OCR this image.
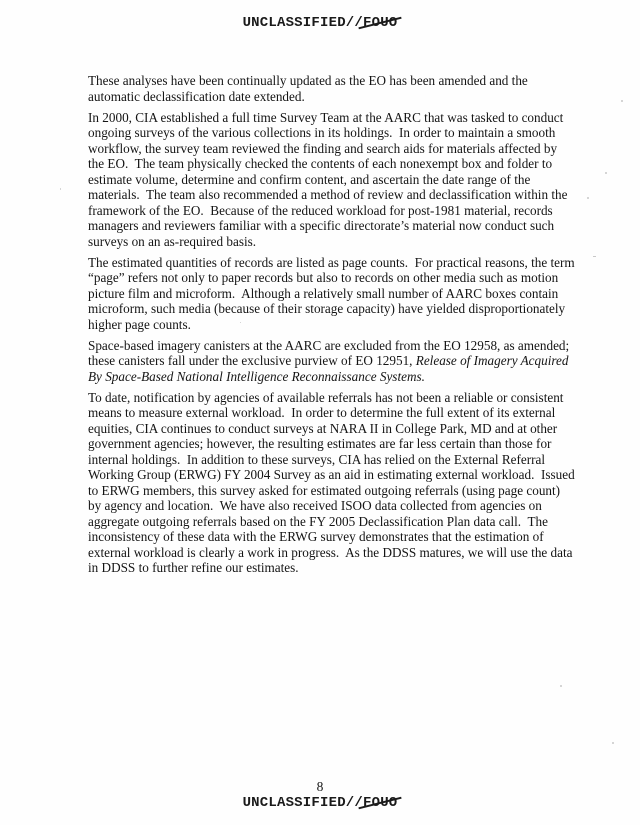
UNCLASSIFIED//FOUO

These analyses have been continually updated as the EO has been amended and the automatic declassification date extended.

In 2000, CIA established a full time Survey Team at the AARC that was tasked to conduct ongoing surveys of the various collections in its holdings.  In order to maintain a smooth workflow, the survey team reviewed the finding and search aids for materials affected by the EO.  The team physically checked the contents of each nonexempt box and folder to estimate volume, determine and confirm content, and ascertain the date range of the materials.  The team also recommended a method of review and declassification within the framework of the EO.  Because of the reduced workload for post-1981 material, records managers and reviewers familiar with a specific directorate’s material now conduct such surveys on an as-required basis.

The estimated quantities of records are listed as page counts.  For practical reasons, the term “page” refers not only to paper records but also to records on other media such as motion picture film and microform.  Although a relatively small number of AARC boxes contain microform, such media (because of their storage capacity) have yielded disproportionately higher page counts.

Space-based imagery canisters at the AARC are excluded from the EO 12958, as amended; these canisters fall under the exclusive purview of EO 12951, Release of Imagery Acquired By Space-Based National Intelligence Reconnaissance Systems.

To date, notification by agencies of available referrals has not been a reliable or consistent means to measure external workload.  In order to determine the full extent of its external equities, CIA continues to conduct surveys at NARA II in College Park, MD and at other government agencies; however, the resulting estimates are far less certain than those for internal holdings.  In addition to these surveys, CIA has relied on the External Referral Working Group (ERWG) FY 2004 Survey as an aid in estimating external workload.  Issued to ERWG members, this survey asked for estimated outgoing referrals (using page count) by agency and location.  We have also received ISOO data collected from agencies on aggregate outgoing referrals based on the FY 2005 Declassification Plan data call.  The inconsistency of these data with the ERWG survey demonstrates that the estimation of external workload is clearly a work in progress.  As the DDSS matures, we will use the data in DDSS to further refine our estimates.

8
UNCLASSIFIED//FOUO
